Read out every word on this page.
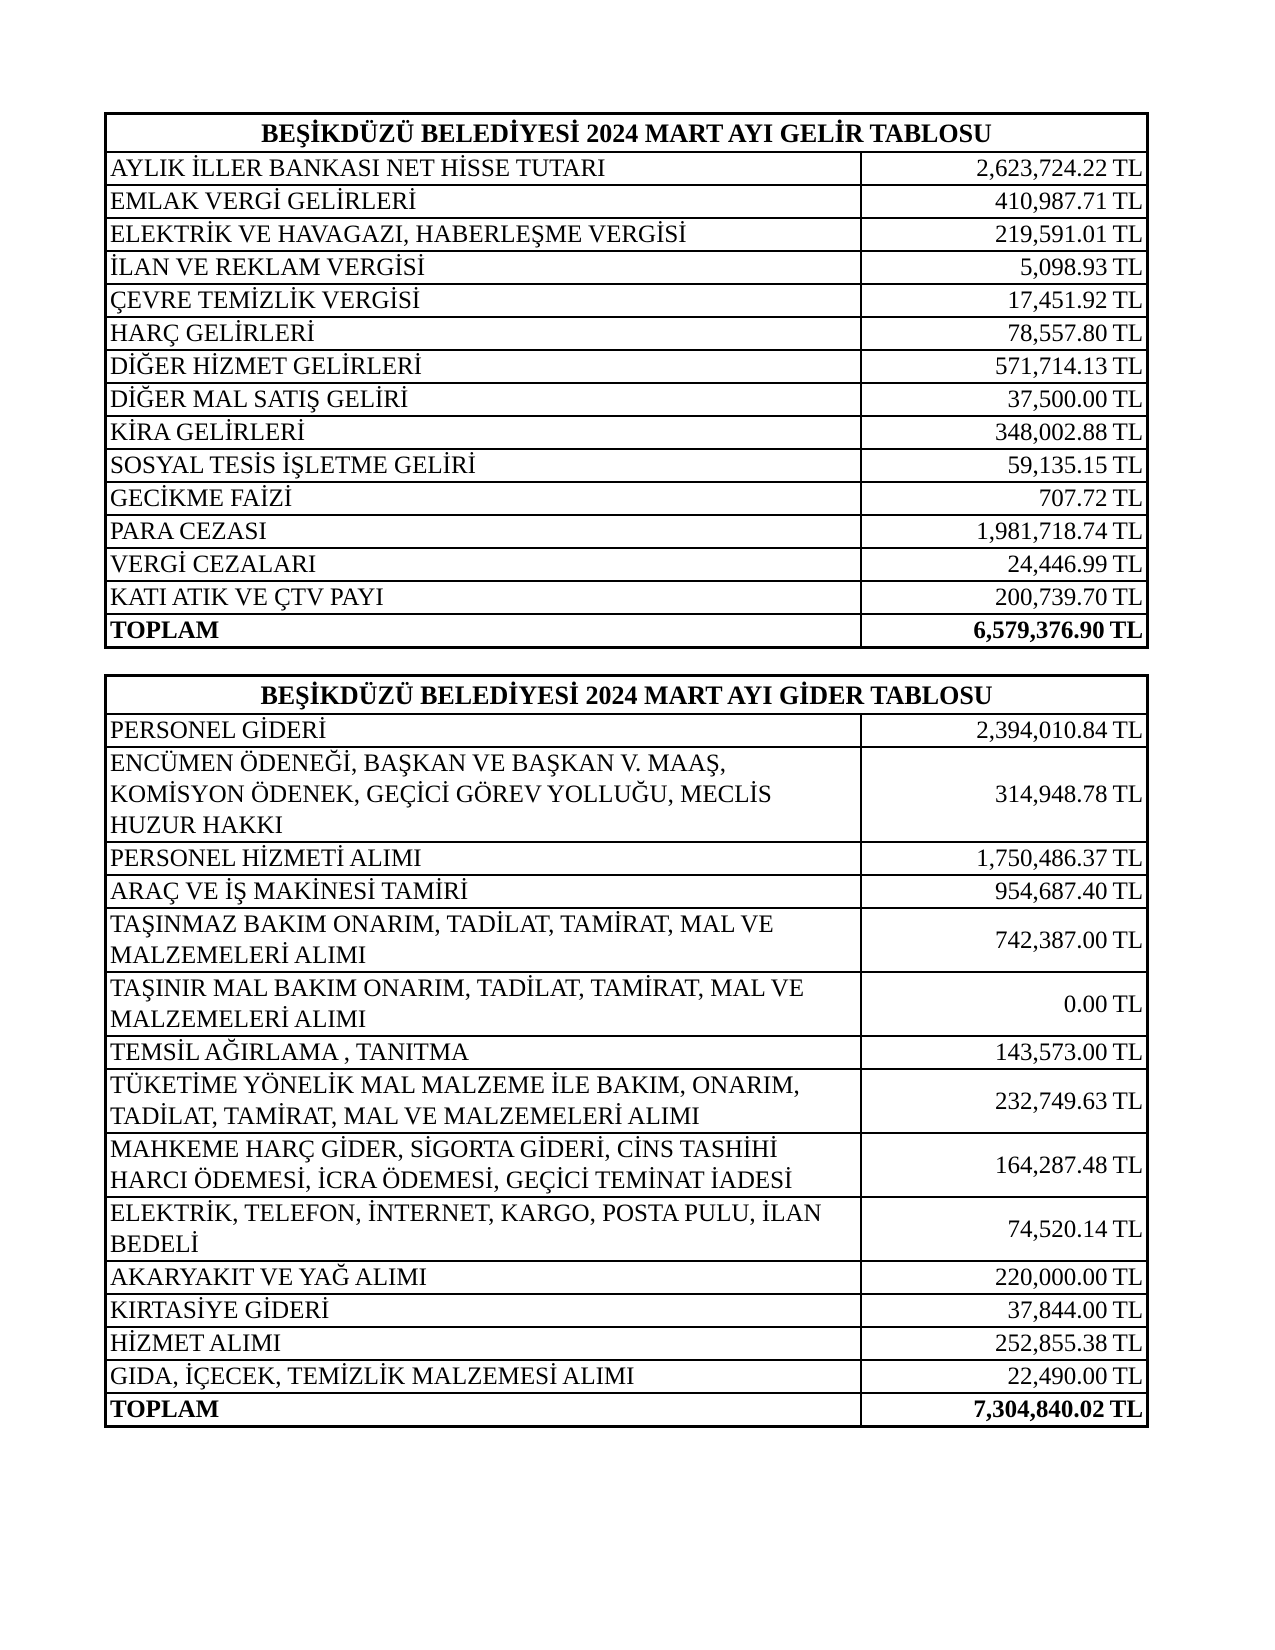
BEŞİKDÜZÜ BELEDİYESİ 2024 MART AYI GELİR TABLOSU	
AYLIK İLLER BANKASI NET HİSSE TUTARI	2,623,724.22 TL
EMLAK VERGİ GELİRLERİ	410,987.71 TL
ELEKTRİK VE HAVAGAZI, HABERLEŞME VERGİSİ	219,591.01 TL
İLAN VE REKLAM VERGİSİ	5,098.93 TL
ÇEVRE TEMİZLİK VERGİSİ	17,451.92 TL
HARÇ GELİRLERİ	78,557.80 TL
DİĞER HİZMET GELİRLERİ	571,714.13 TL
DİĞER MAL SATIŞ GELİRİ	37,500.00 TL
KİRA GELİRLERİ	348,002.88 TL
SOSYAL TESİS İŞLETME GELİRİ	59,135.15 TL
GECİKME FAİZİ	707.72 TL
PARA CEZASI	1,981,718.74 TL
VERGİ CEZALARI	24,446.99 TL
KATI ATIK VE ÇTV PAYI	200,739.70 TL
TOPLAM	6,579,376.90 TL
BEŞİKDÜZÜ BELEDİYESİ 2024 MART AYI GİDER TABLOSU	
PERSONEL GİDERİ	2,394,010.84 TL
ENCÜMEN ÖDENEĞİ, BAŞKAN VE BAŞKAN V. MAAŞ, KOMİSYON ÖDENEK, GEÇİCİ GÖREV YOLLUĞU, MECLİS HUZUR HAKKI	314,948.78 TL
PERSONEL HİZMETİ ALIMI	1,750,486.37 TL
ARAÇ VE İŞ MAKİNESİ TAMİRİ	954,687.40 TL
TAŞINMAZ BAKIM ONARIM, TADİLAT, TAMİRAT, MAL VE MALZEMELERİ ALIMI	742,387.00 TL
TAŞINIR MAL BAKIM ONARIM, TADİLAT, TAMİRAT, MAL VE MALZEMELERİ ALIMI	0.00 TL
TEMSİL AĞIRLAMA , TANITMA	143,573.00 TL
TÜKETİME YÖNELİK MAL MALZEME İLE BAKIM, ONARIM, TADİLAT, TAMİRAT, MAL VE MALZEMELERİ ALIMI	232,749.63 TL
MAHKEME HARÇ GİDER, SİGORTA GİDERİ, CİNS TASHİHİ HARCI ÖDEMESİ, İCRA ÖDEMESİ, GEÇİCİ TEMİNAT İADESİ	164,287.48 TL
ELEKTRİK, TELEFON, İNTERNET, KARGO, POSTA PULU, İLAN BEDELİ	74,520.14 TL
AKARYAKIT VE YAĞ ALIMI	220,000.00 TL
KIRTASİYE GİDERİ	37,844.00 TL
HİZMET ALIMI	252,855.38 TL
GIDA, İÇECEK, TEMİZLİK MALZEMESİ ALIMI	22,490.00 TL
TOPLAM	7,304,840.02 TL
